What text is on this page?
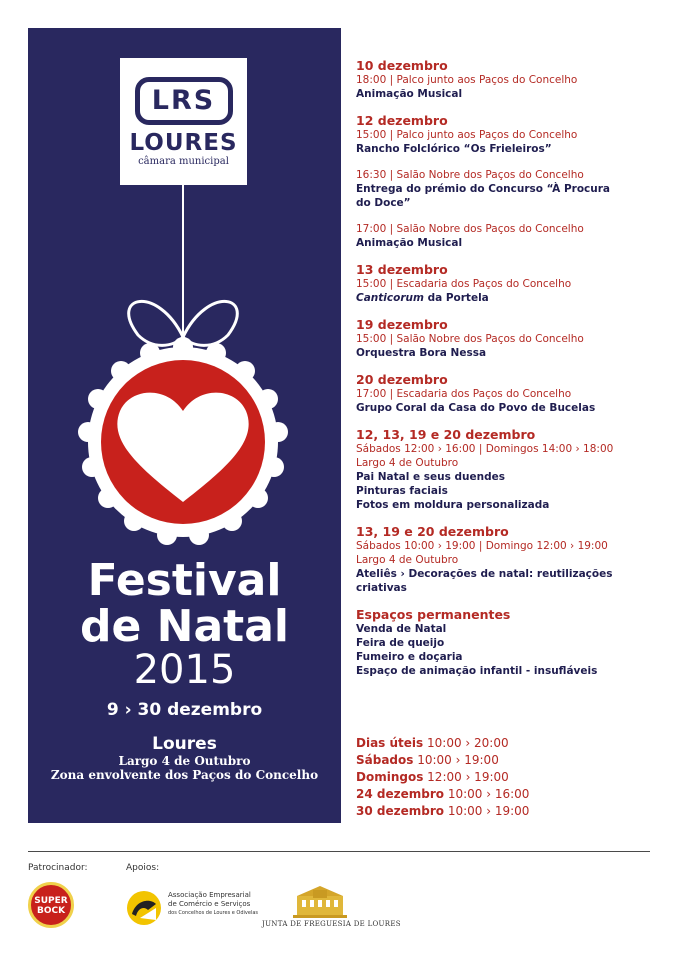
LRS
LOURES
câmara municipal
Festival
de Natal
2015
9 › 30 dezembro
Loures
Largo 4 de Outubro
Zona envolvente dos Paços do Concelho
10 dezembro
18:00 | Palco junto aos Paços do Concelho
Animação Musical
12 dezembro
15:00 | Palco junto aos Paços do Concelho
Rancho Folclórico “Os Frieleiros”
16:30 | Salão Nobre dos Paços do Concelho
Entrega do prémio do Concurso “À Procura
do Doce”
17:00 | Salão Nobre dos Paços do Concelho
Animação Musical
13 dezembro
15:00 | Escadaria dos Paços do Concelho
Canticorum da Portela
19 dezembro
15:00 | Salão Nobre dos Paços do Concelho
Orquestra Bora Nessa
20 dezembro
17:00 | Escadaria dos Paços do Concelho
Grupo Coral da Casa do Povo de Bucelas
12, 13, 19 e 20 dezembro
Sábados 12:00 › 16:00 | Domingos 14:00 › 18:00
Largo 4 de Outubro
Pai Natal e seus duendes
Pinturas faciais
Fotos em moldura personalizada
13, 19 e 20 dezembro
Sábados 10:00 › 19:00 | Domingo 12:00 › 19:00
Largo 4 de Outubro
Ateliês › Decorações de natal: reutilizações criativas
Espaços permanentes
Venda de Natal
Feira de queijo
Fumeiro e doçaria
Espaço de animação infantil - insufláveis
Dias úteis 10:00 › 20:00
Sábados 10:00 › 19:00
Domingos 12:00 › 19:00
24 dezembro 10:00 › 16:00
30 dezembro 10:00 › 19:00
Patrocinador:	Apoios:
SUPER
BOCK
Associação Empresarial
de Comércio e Serviços
dos Concelhos de Loures e Odivelas
JUNTA DE FREGUESIA DE LOURES
